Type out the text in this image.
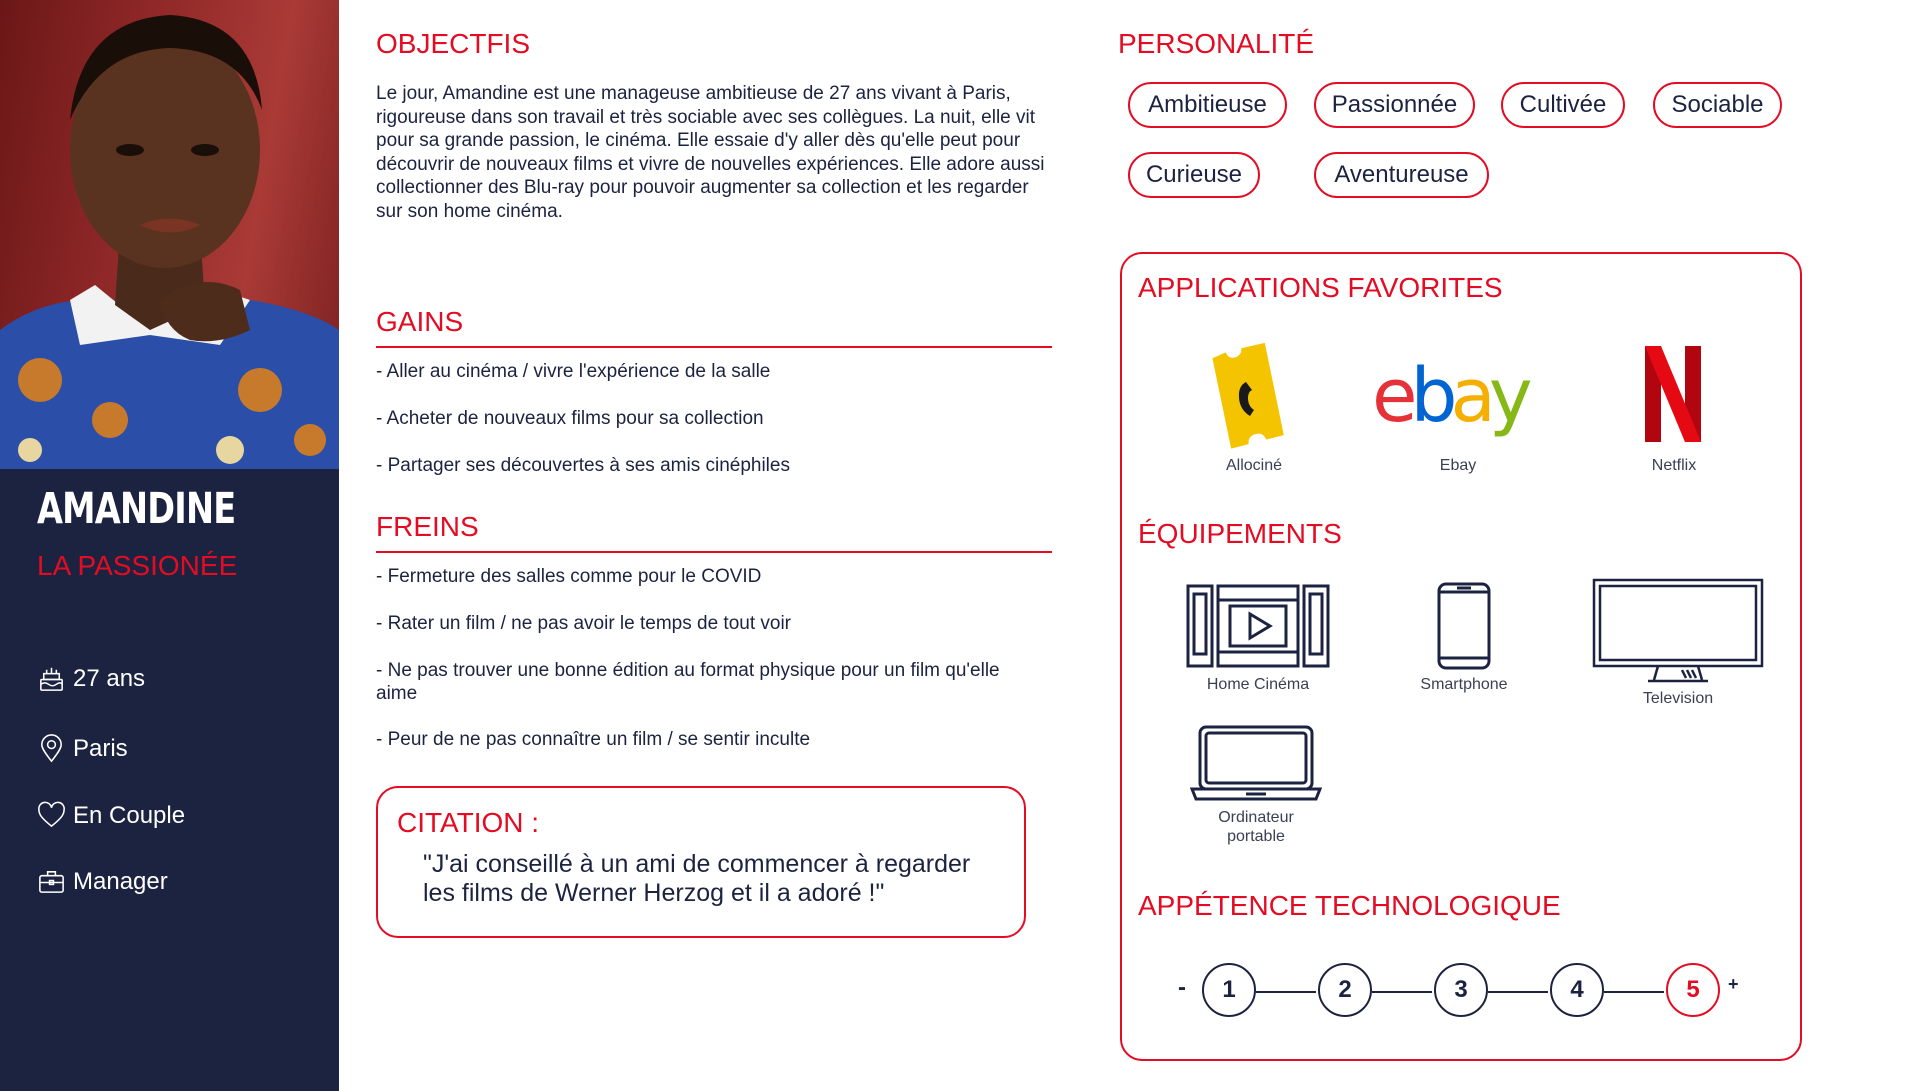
AMANDINE
LA PASSIONÉE
27 ans
Paris
En Couple
Manager
OBJECTFIS
Le jour, Amandine est une manageuse ambitieuse de 27 ans vivant à Paris, rigoureuse dans son travail et très sociable avec ses collègues. La nuit, elle vit pour sa grande passion, le cinéma. Elle essaie d'y aller dès qu'elle peut pour découvrir de nouveaux films et vivre de nouvelles expériences. Elle adore aussi collectionner des Blu-ray pour pouvoir augmenter sa collection et les regarder sur son home cinéma.
GAINS
- Aller au cinéma / vivre l'expérience de la salle
- Acheter de nouveaux films pour sa collection
- Partager ses découvertes à ses amis cinéphiles
FREINS
- Fermeture des salles comme pour le COVID
- Rater un film / ne pas avoir le temps de tout voir
- Ne pas trouver une bonne édition au format physique pour un film qu'elle aime
- Peur de ne pas connaître un film / se sentir inculte
CITATION :
"J'ai conseillé à un ami de commencer à regarder les films de Werner Herzog et il a adoré !"
PERSONALITÉ
Ambitieuse	Passionnée	Cultivée	Sociable
Curieuse	Aventureuse
APPLICATIONS FAVORITES
Allociné
ebay
Ebay	Netflix
ÉQUIPEMENTS
Home Cinéma	Smartphone
Television
Ordinateur portable
APPÉTENCE TECHNOLOGIQUE
-	+
1	2	3	4	5
